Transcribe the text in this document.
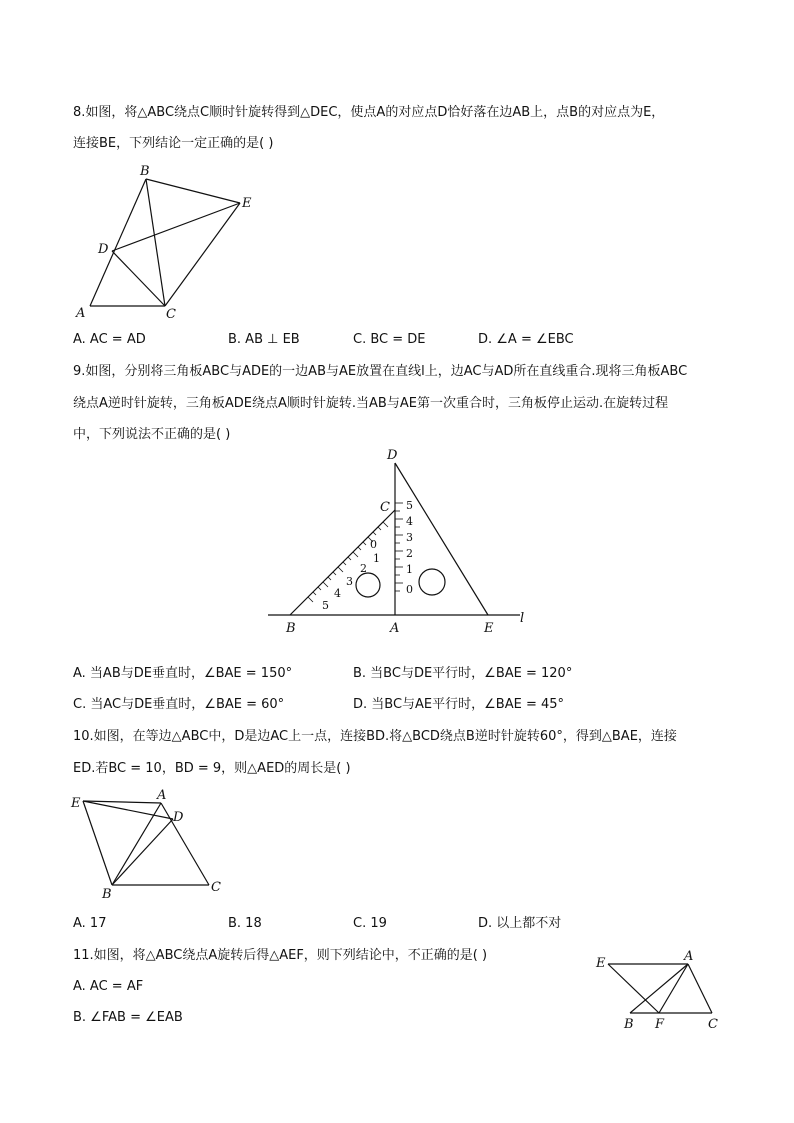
8.如图，将△ABC绕点C顺时针旋转得到△DEC，使点A的对应点D恰好落在边AB上，点B的对应点为E，
连接BE，下列结论一定正确的是( )
B
E
D
A	C
A. AC = AD	B. AB ⊥ EB	C. BC = DE	D. ∠A = ∠EBC
9.如图，分别将三角板ABC与ADE的一边AB与AE放置在直线l上，边AC与AD所在直线重合.现将三角板ABC
绕点A逆时针旋转，三角板ADE绕点A顺时针旋转.当AB与AE第一次重合时，三角板停止运动.在旋转过程
中，下列说法不正确的是( )
0
1
2
3
4
5
5
4
3
2
1
0
D
C
B	A	E
l
A. 当AB与DE垂直时，∠BAE = 150°	B. 当BC与DE平行时，∠BAE = 120°
C. 当AC与DE垂直时，∠BAE = 60°	D. 当BC与AE平行时，∠BAE = 45°
10.如图，在等边△ABC中，D是边AC上一点，连接BD.将△BCD绕点B逆时针旋转60°，得到△BAE，连接
ED.若BC = 10，BD = 9，则△AED的周长是( )
E
A
D
B	C
A. 17	B. 18	C. 19	D. 以上都不对
11.如图，将△ABC绕点A旋转后得△AEF，则下列结论中，不正确的是( )
A. AC = AF
B. ∠FAB = ∠EAB
E	A
B F	C
